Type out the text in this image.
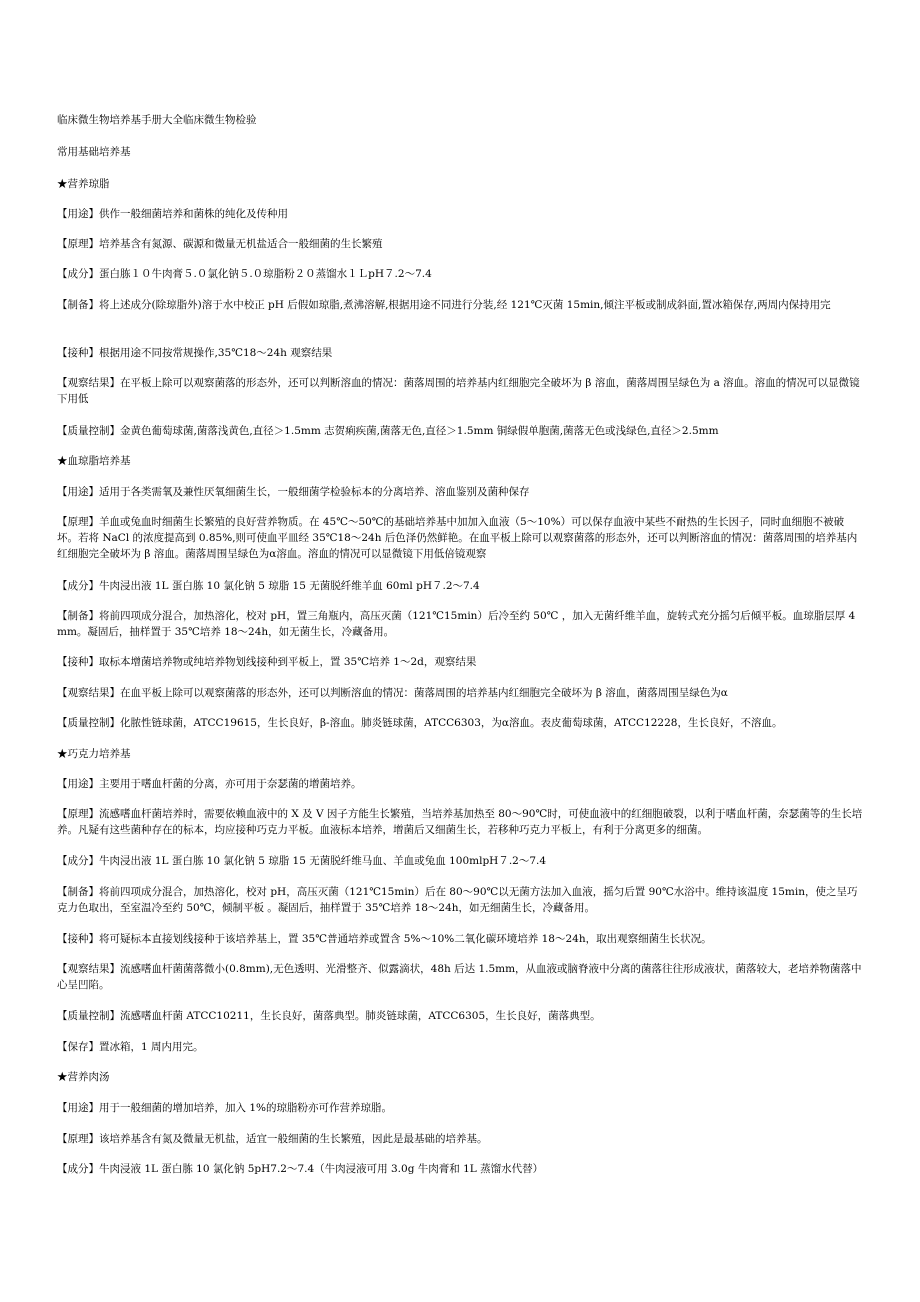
临床微生物培养基手册大全临床微生物检验

常用基础培养基

★营养琼脂

【用途】供作一般细菌培养和菌株的纯化及传种用

【原理】培养基含有氮源、碳源和微量无机盐适合一般细菌的生长繁殖

【成分】蛋白胨１０牛肉膏５.０氯化钠５.０琼脂粉２０蒸馏水１ＬpH７.2～7.4

【制备】将上述成分(除琼脂外)溶于水中校正 pH 后假如琼脂,煮沸溶解,根据用途不同进行分装,经 121℃灭菌 15min,倾注平板或制成斜面,置冰箱保存,两周内保持用完

【接种】根据用途不同按常规操作,35℃18～24h 观察结果

【观察结果】在平板上除可以观察菌落的形态外，还可以判断溶血的情况：菌落周围的培养基内红细胞完全破坏为 β 溶血，菌落周围呈绿色为 a 溶血。溶血的情况可以显微镜下用低

【质量控制】金黄色葡萄球菌,菌落浅黄色,直径＞1.5mm 志贺痢疾菌,菌落无色,直径＞1.5mm 铜绿假单胞菌,菌落无色或浅绿色,直径＞2.5mm

★血琼脂培养基

【用途】适用于各类需氧及兼性厌氧细菌生长，一般细菌学检验标本的分离培养、溶血鉴别及菌种保存

【原理】羊血或兔血时细菌生长繁殖的良好营养物质。在 45℃～50℃的基础培养基中加加入血液（5～10%）可以保存血液中某些不耐热的生长因子，同时血细胞不被破坏。若将 NaCl 的浓度提高到 0.85%,则可使血平皿经 35℃18～24h 后色泽仍然鲜艳。在血平板上除可以观察菌落的形态外，还可以判断溶血的情况：菌落周围的培养基内红细胞完全破坏为 β 溶血。菌落周围呈绿色为α溶血。溶血的情况可以显微镜下用低倍镜观察

【成分】牛肉浸出液 1L 蛋白胨 10 氯化钠 5 琼脂 15 无菌脱纤维羊血 60ml pH７.2～7.4

【制备】将前四项成分混合，加热溶化，校对 pH，置三角瓶内，高压灭菌（121℃15min）后冷至约 50℃ ，加入无菌纤维羊血，旋转式充分摇匀后倾平板。血琼脂层厚 4mm。凝固后，抽样置于 35℃培养 18～24h，如无菌生长，冷藏备用。

【接种】取标本增菌培养物或纯培养物划线接种到平板上，置 35℃培养 1～2d，观察结果

【观察结果】在血平板上除可以观察菌落的形态外，还可以判断溶血的情况：菌落周围的培养基内红细胞完全破坏为 β 溶血，菌落周围呈绿色为α

【质量控制】化脓性链球菌，ATCC19615，生长良好，β-溶血。肺炎链球菌，ATCC6303，为α溶血。表皮葡萄球菌，ATCC12228，生长良好，不溶血。

★巧克力培养基

【用途】主要用于嗜血杆菌的分离，亦可用于奈瑟菌的增菌培养。

【原理】流感嗜血杆菌培养时，需要依赖血液中的 X 及 V 因子方能生长繁殖，当培养基加热至 80～90℃时，可使血液中的红细胞破裂，以利于嗜血杆菌，奈瑟菌等的生长培养。凡疑有这些菌种存在的标本，均应接种巧克力平板。血液标本培养，增菌后又细菌生长，若移种巧克力平板上，有利于分离更多的细菌。

【成分】牛肉浸出液 1L 蛋白胨 10 氯化钠 5 琼脂 15 无菌脱纤维马血、羊血或兔血 100mlpH７.2～7.4

【制备】将前四项成分混合，加热溶化，校对 pH，高压灭菌（121℃15min）后在 80～90℃以无菌方法加入血液，摇匀后置 90℃水浴中。维持该温度 15min，使之呈巧克力色取出，至室温冷至约 50℃，倾制平板 。凝固后，抽样置于 35℃培养 18～24h，如无细菌生长，冷藏备用。

【接种】将可疑标本直接划线接种于该培养基上，置 35℃普通培养或置含 5%～10%二氧化碳环境培养 18～24h，取出观察细菌生长状况。

【观察结果】流感嗜血杆菌菌落微小(0.8mm),无色透明、光滑整齐、似露滴状，48h 后达 1.5mm，从血液或脑脊液中分离的菌落往往形成液状，菌落较大，老培养物菌落中心呈凹陷。

【质量控制】流感嗜血杆菌 ATCC10211，生长良好，菌落典型。肺炎链球菌，ATCC6305，生长良好，菌落典型。

【保存】置冰箱，1 周内用完。

★营养肉汤

【用途】用于一般细菌的增加培养，加入 1%的琼脂粉亦可作营养琼脂。

【原理】该培养基含有氮及微量无机盐，适宜一般细菌的生长繁殖，因此是最基础的培养基。

【成分】牛肉浸液 1L 蛋白胨 10 氯化钠 5pH7.2～7.4（牛肉浸液可用 3.0g 牛肉膏和 1L 蒸馏水代替）
